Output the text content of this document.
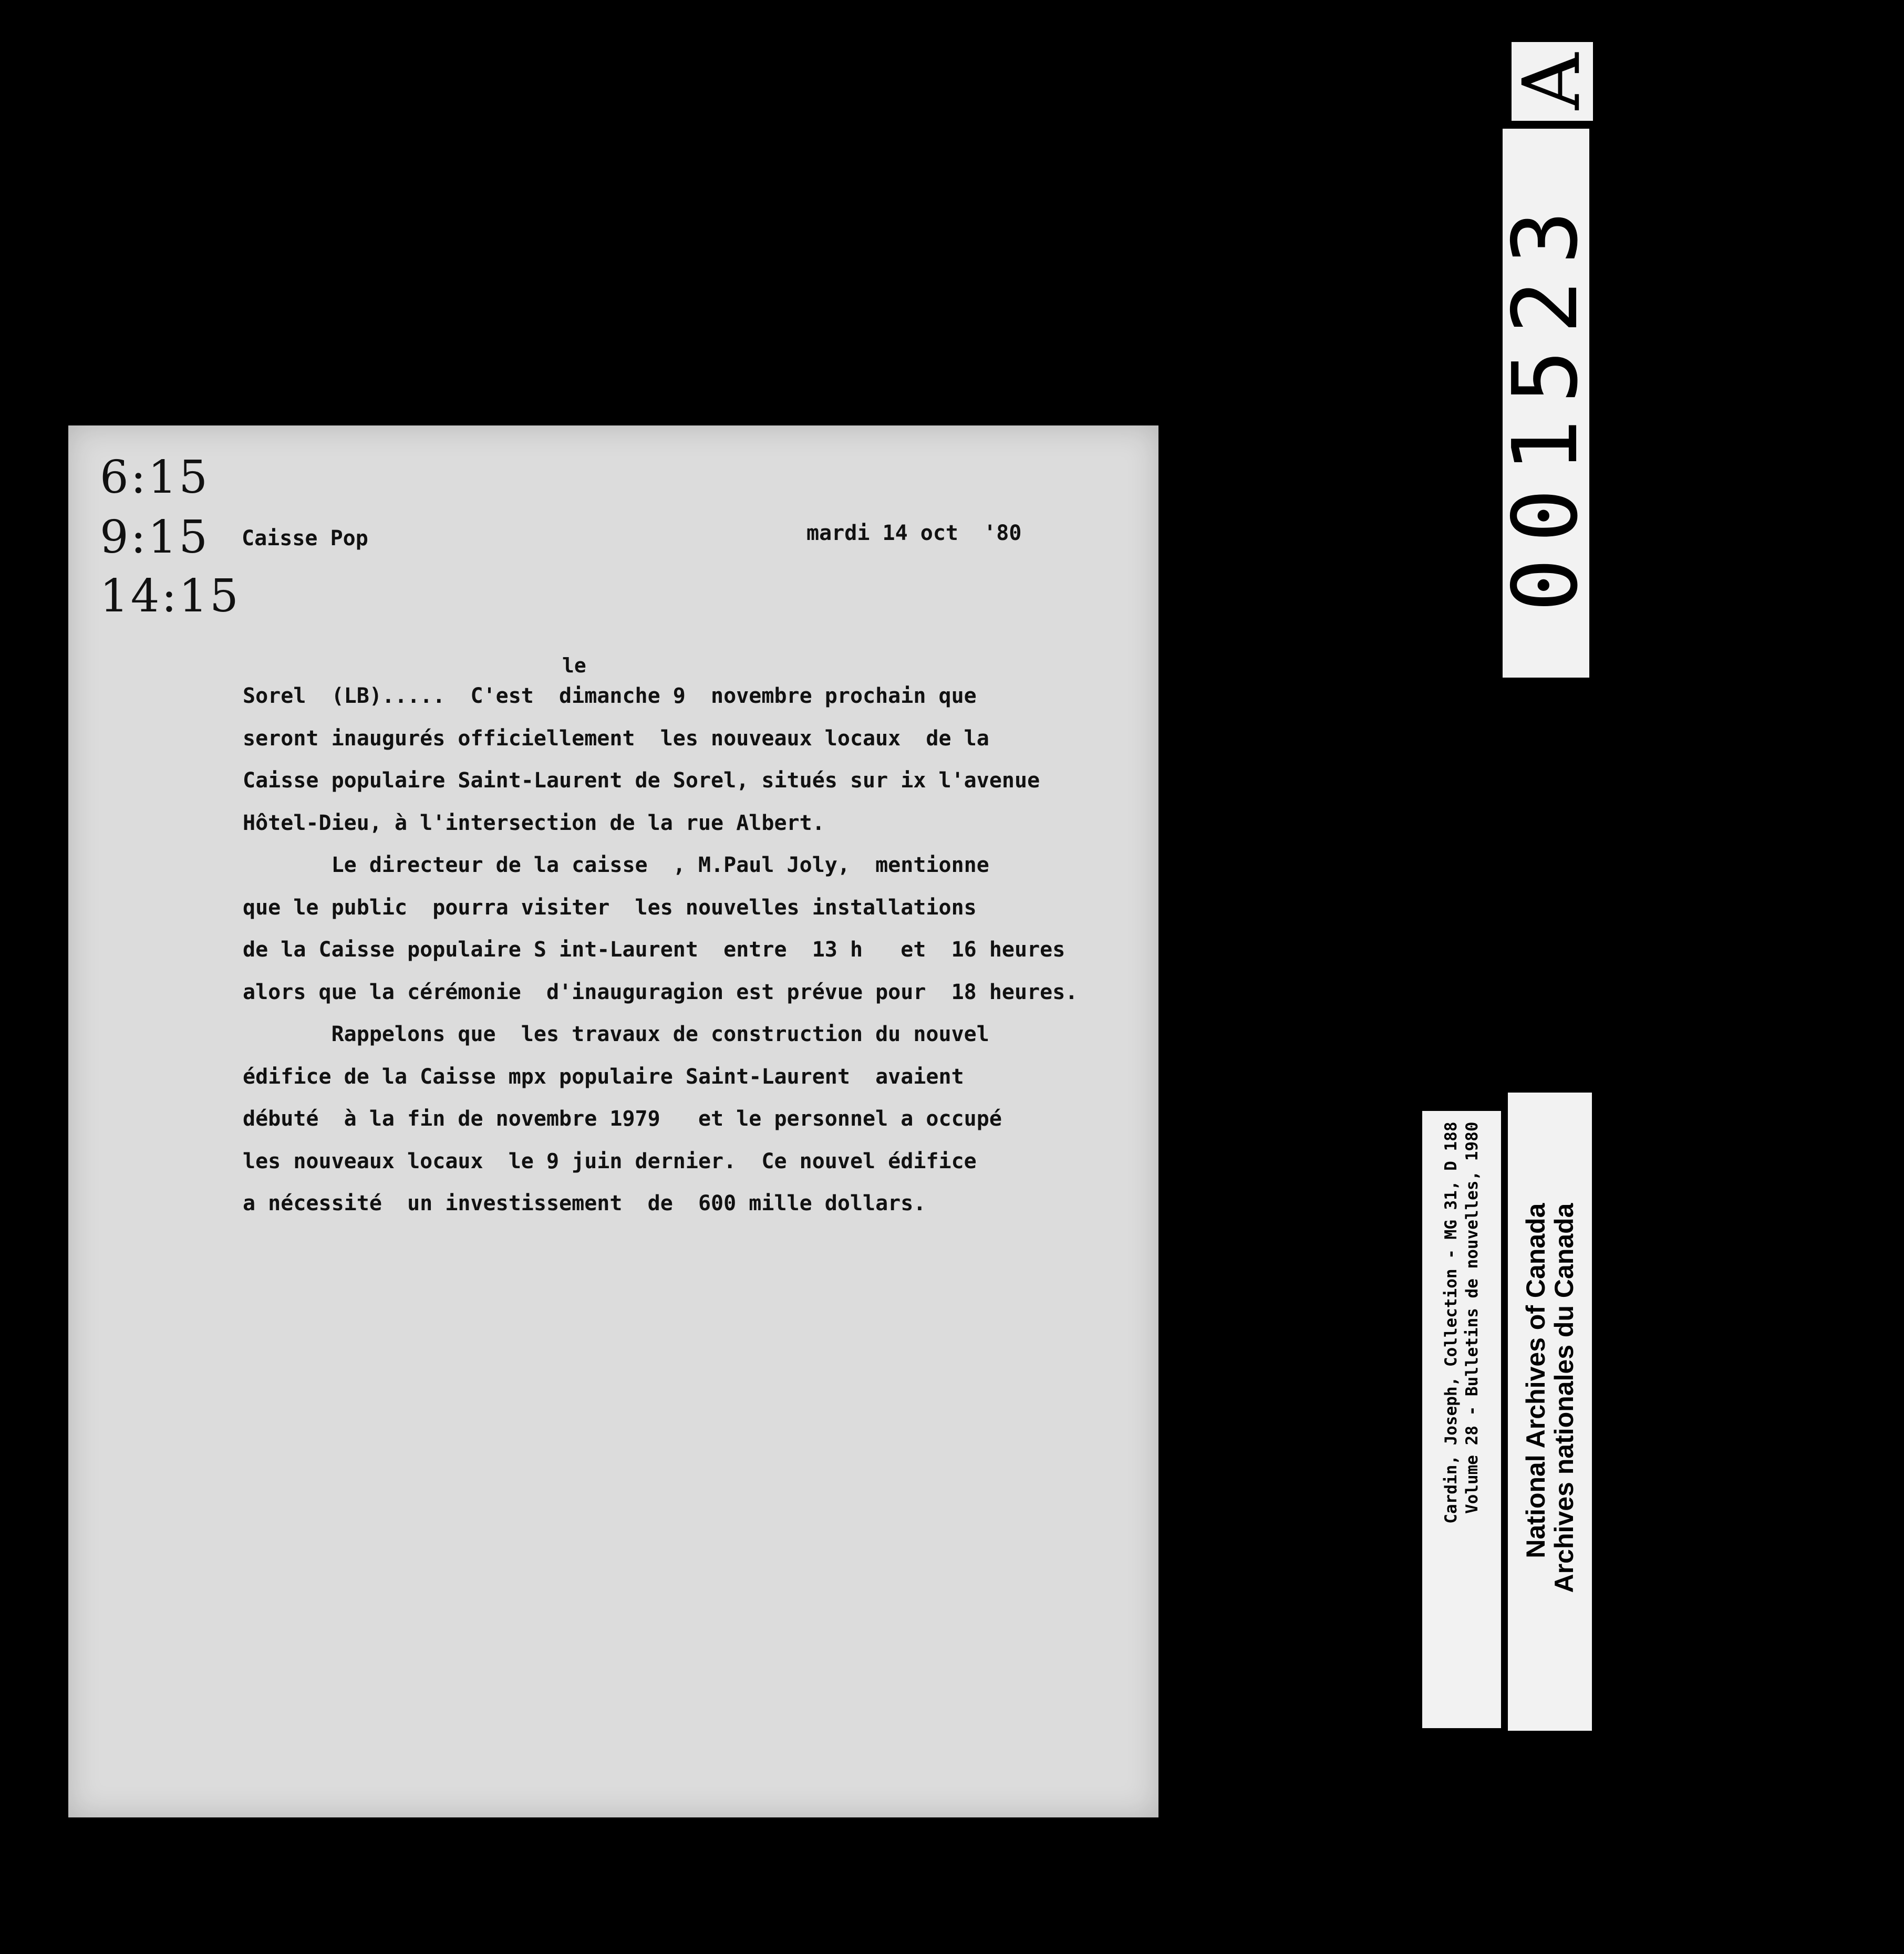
6:15
9:15
14:15
Caisse Pop	mardi 14 oct  '80
le
Sorel  (LB).....  C'est  dimanche 9  novembre prochain que
seront inaugurés officiellement  les nouveaux locaux  de la
Caisse populaire Saint-Laurent de Sorel, situés sur ix l'avenue
Hôtel-Dieu, à l'intersection de la rue Albert.
Le directeur de la caisse  , M.Paul Joly,  mentionne
que le public  pourra visiter  les nouvelles installations
de la Caisse populaire S int-Laurent  entre  13 h   et  16 heures
alors que la cérémonie  d'inauguragion est prévue pour  18 heures.
Rappelons que  les travaux de construction du nouvel
édifice de la Caisse mpx populaire Saint-Laurent  avaient
débuté  à la fin de novembre 1979   et le personnel a occupé
les nouveaux locaux  le 9 juin dernier.  Ce nouvel édifice
a nécessité  un investissement  de  600 mille dollars.
A
001523
Cardin, Joseph, Collection - MG 31, D 188 Volume 28 - Bulletins de nouvelles, 1980 National Archives of Canada
Archives nationales du Canada
